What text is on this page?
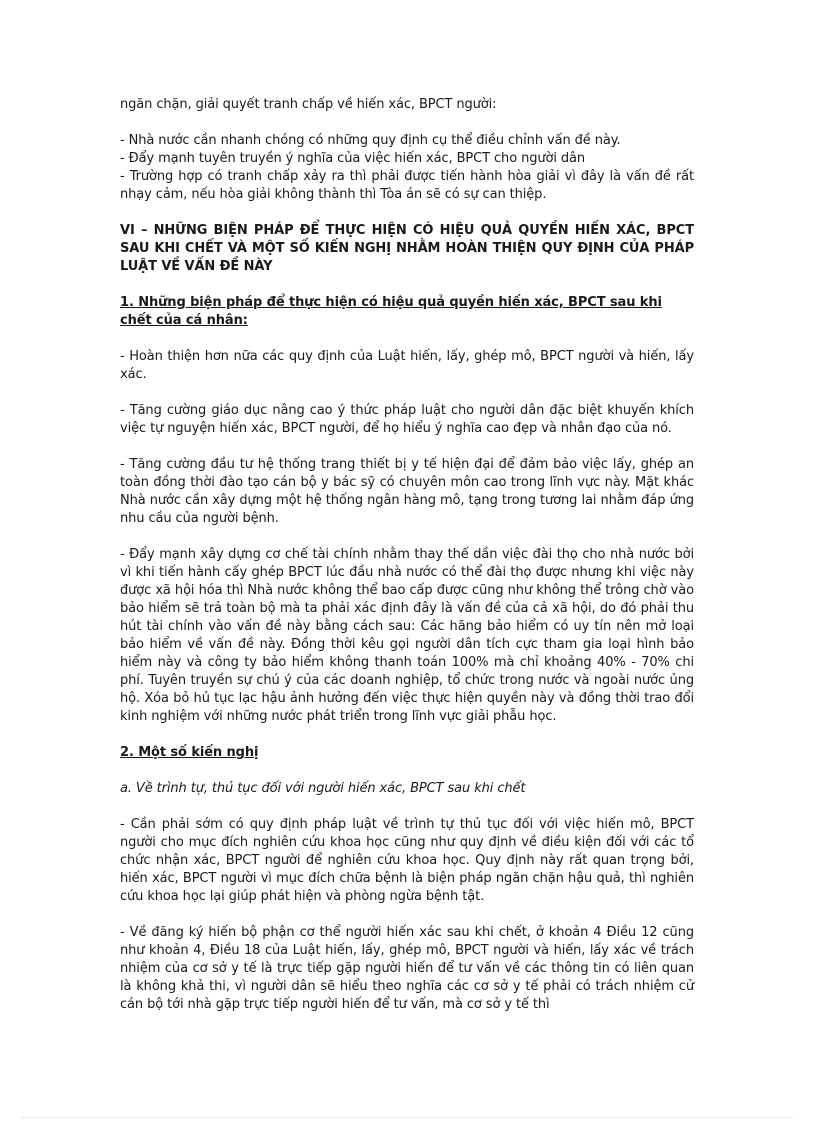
ngăn chặn, giải quyết tranh chấp về hiến xác, BPCT người:

- Nhà nước cần nhanh chóng có những quy định cụ thể điều chỉnh vấn đề này.

- Đẩy mạnh tuyên truyền ý nghĩa của việc hiến xác, BPCT cho người dân

- Trường hợp có tranh chấp xảy ra thì phải được tiến hành hòa giải vì đây là vấn đề rất nhạy cảm, nếu hòa giải không thành thì Tòa án sẽ có sự can thiệp.

VI – NHỮNG BIỆN PHÁP ĐỂ THỰC HIỆN CÓ HIỆU QUẢ QUYỀN HIẾN XÁC, BPCT SAU KHI CHẾT VÀ MỘT SỐ KIẾN NGHỊ NHẰM HOÀN THIỆN QUY ĐỊNH CỦA PHÁP LUẬT VỀ VẤN ĐỀ NÀY
1. Những biện pháp để thực hiện có hiệu quả quyền hiến xác, BPCT sau khi chết của cá nhân:

- Hoàn thiện hơn nữa các quy định của Luật hiến, lấy, ghép mô, BPCT người và hiến, lấy xác.

- Tăng cường giáo dục nâng cao ý thức pháp luật cho người dân đặc biệt khuyến khích việc tự nguyện hiến xác, BPCT người, để họ hiểu ý nghĩa cao đẹp và nhân đạo của nó.

- Tăng cường đầu tư hệ thống trang thiết bị y tế hiện đại để đảm bảo việc lấy, ghép an toàn đồng thời đào tạo cán bộ y bác sỹ có chuyên môn cao trong lĩnh vực này. Mặt khác Nhà nước cần xây dựng một hệ thống ngân hàng mô, tạng trong tương lai nhằm đáp ứng nhu cầu của người bệnh.

- Đẩy mạnh xây dựng cơ chế tài chính nhằm thay thế dần việc đài thọ cho nhà nước bởi vì khi tiến hành cấy ghép BPCT lúc đầu nhà nước có thể đài thọ được nhưng khi việc này được xã hội hóa thì Nhà nước không thể bao cấp được cũng như không thể trông chờ vào bảo hiểm sẽ trả toàn bộ mà ta phải xác định đây là vấn đề của cả xã hội, do đó phải thu hút tài chính vào vấn đề này bằng cách sau: Các hãng bảo hiểm có uy tín nên mở loại bảo hiểm về vấn đề này. Đồng thời kêu gọi người dân tích cực tham gia loại hình bảo hiểm này và công ty bảo hiểm không thanh toán 100% mà chỉ khoảng 40% - 70% chi phí. Tuyên truyền sự chú ý của các doanh nghiệp, tổ chức trong nước và ngoài nước ủng hộ. Xóa bỏ hủ tục lạc hậu ảnh hưởng đến việc thực hiện quyền này và đồng thời trao đổi kinh nghiệm với những nước phát triển trong lĩnh vực giải phẫu học.

2. Một số kiến nghị

a. Về trình tự, thủ tục đối với người hiến xác, BPCT sau khi chết

- Cần phải sớm có quy định pháp luật về trình tự thủ tục đối với việc hiến mô, BPCT người cho mục đích nghiên cứu khoa học cũng như quy định về điều kiện đối với các tổ chức nhận xác, BPCT người để nghiên cứu khoa học. Quy định này rất quan trọng bởi, hiến xác, BPCT người vì mục đích chữa bệnh là biện pháp ngăn chặn hậu quả, thì nghiên cứu khoa học lại giúp phát hiện và phòng ngừa bệnh tật.

- Về đăng ký hiến bộ phận cơ thể người hiến xác sau khi chết, ở khoản 4 Điều 12 cũng như khoản 4, Điều 18 của Luật hiến, lấy, ghép mô, BPCT người và hiến, lấy xác về trách nhiệm của cơ sở y tế là trực tiếp gặp người hiến để tư vấn về các thông tin có liên quan là không khả thi, vì người dân sẽ hiểu theo nghĩa các cơ sở y tế phải có trách nhiệm cử cán bộ tới nhà gặp trực tiếp người hiến để tư vấn, mà cơ sở y tế thì
